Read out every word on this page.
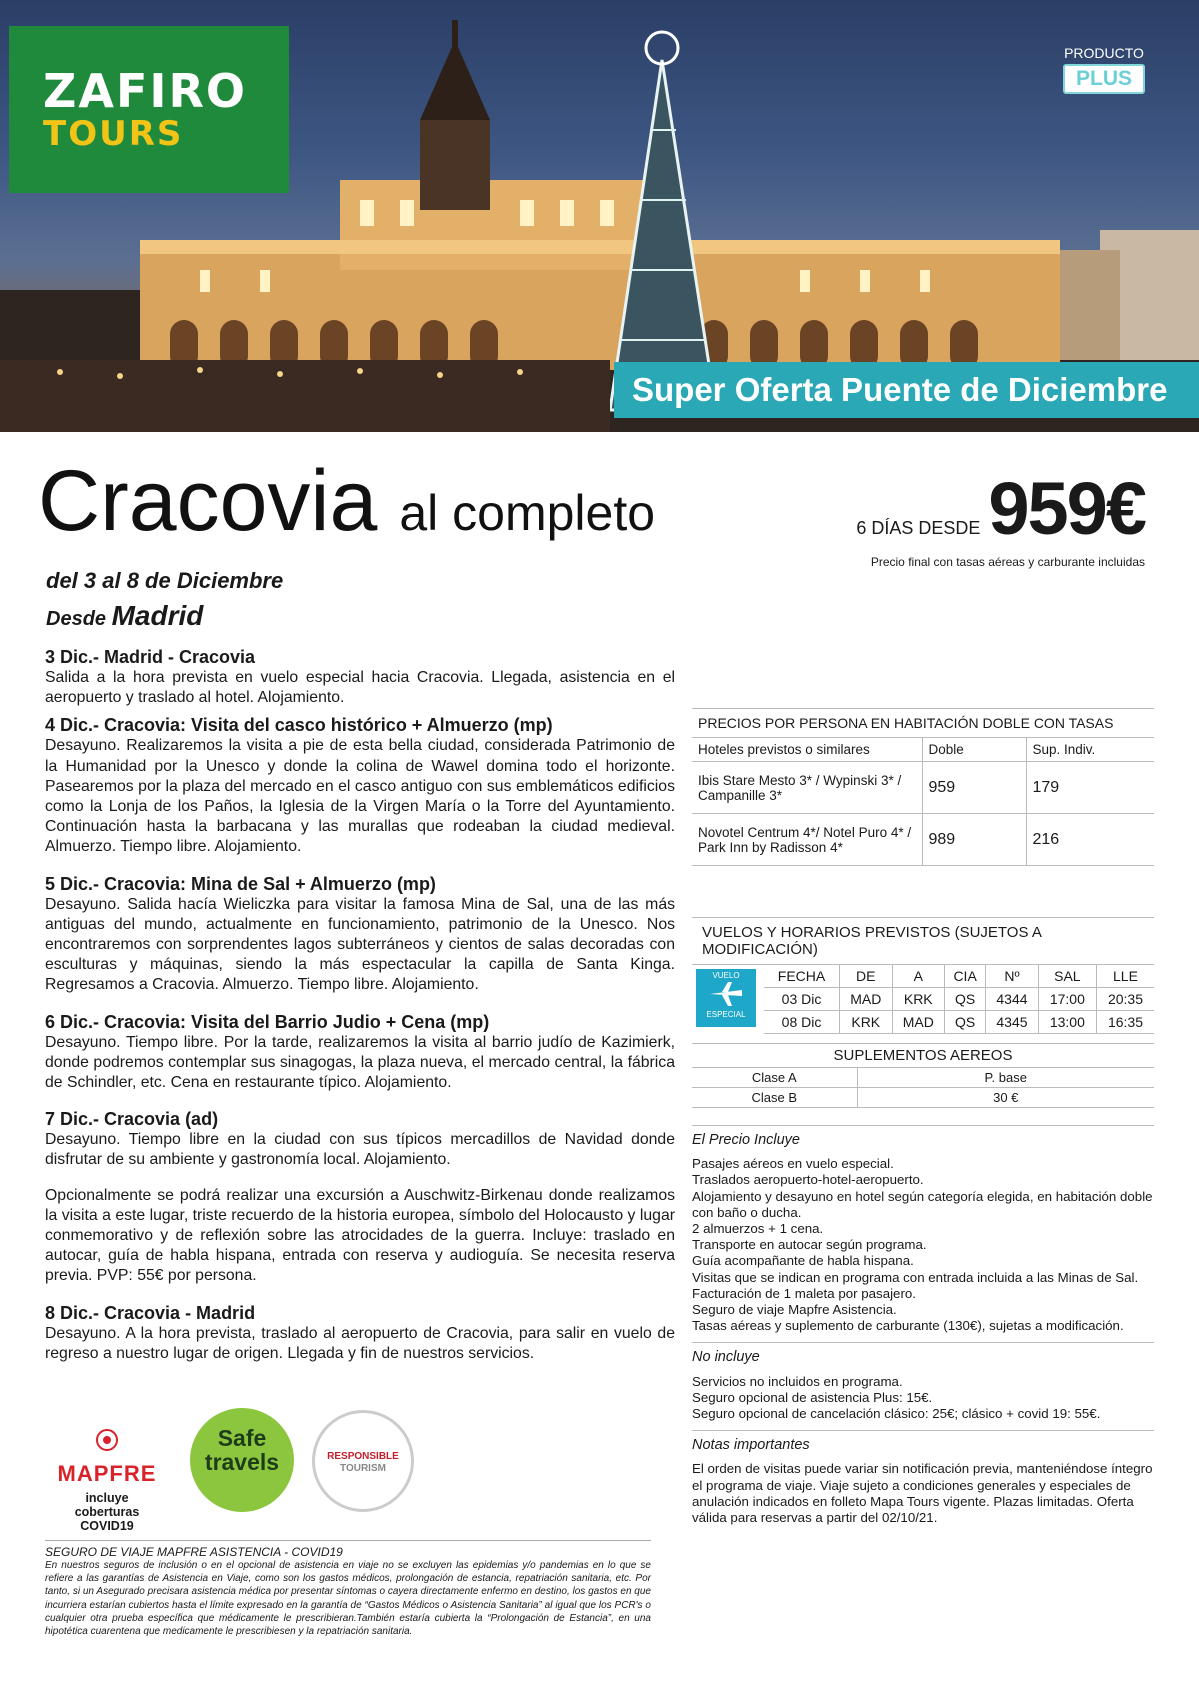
ZAFIRO
TOURS
PRODUCTO
PLUS
Super Oferta Puente de Diciembre
Cracovia al completo	6 DÍAS DESDE 959€
Precio final con tasas aéreas y carburante incluidas
del 3 al 8 de Diciembre
Desde Madrid
3 Dic.- Madrid - Cracovia

Salida a la hora prevista en vuelo especial hacia Cracovia. Llegada, asistencia en el aeropuerto y traslado al hotel. Alojamiento.

4 Dic.- Cracovia: Visita del casco histórico + Almuerzo (mp)

Desayuno. Realizaremos la visita a pie de esta bella ciudad, considerada Patrimonio de la Humanidad por la Unesco y donde la colina de Wawel domina todo el horizonte. Pasearemos por la plaza del mercado en el casco antiguo con sus emblemáticos edificios como la Lonja de los Paños, la Iglesia de la Virgen María o la Torre del Ayuntamiento. Continuación hasta la barbacana y las murallas que rodeaban la ciudad medieval. Almuerzo. Tiempo libre. Alojamiento.

5 Dic.- Cracovia: Mina de Sal + Almuerzo (mp)

Desayuno. Salida hacía Wieliczka para visitar la famosa Mina de Sal, una de las más antiguas del mundo, actualmente en funcionamiento, patrimonio de la Unesco. Nos encontraremos con sorprendentes lagos subterráneos y cientos de salas decoradas con esculturas y máquinas, siendo la más espectacular la capilla de Santa Kinga. Regresamos a Cracovia. Almuerzo. Tiempo libre. Alojamiento.

6 Dic.- Cracovia: Visita del Barrio Judio + Cena (mp)

Desayuno. Tiempo libre. Por la tarde, realizaremos la visita al barrio judío de Kazimierk, donde podremos contemplar sus sinagogas, la plaza nueva, el mercado central, la fábrica de Schindler, etc. Cena en restaurante típico. Alojamiento.

7 Dic.- Cracovia (ad)

Desayuno. Tiempo libre en la ciudad con sus típicos mercadillos de Navidad donde disfrutar de su ambiente y gastronomía local. Alojamiento.

Opcionalmente se podrá realizar una excursión a Auschwitz-Birkenau donde realizamos la visita a este lugar, triste recuerdo de la historia europea, símbolo del Holocausto y lugar conmemorativo y de reflexión sobre las atrocidades de la guerra. Incluye: traslado en autocar, guía de habla hispana, entrada con reserva y audioguía. Se necesita reserva previa. PVP: 55€ por persona.

8 Dic.- Cracovia - Madrid

Desayuno. A la hora prevista, traslado al aeropuerto de Cracovia, para salir en vuelo de regreso a nuestro lugar de origen. Llegada y fin de nuestros servicios.

MAPFRE
incluye coberturas COVID19
Safe
travels	RESPONSIBLE
TOURISM
SEGURO DE VIAJE MAPFRE ASISTENCIA - COVID19
En nuestros seguros de inclusión o en el opcional de asistencia en viaje no se excluyen las epidemias y/o pandemias en lo que se refiere a las garantías de Asistencia en Viaje, como son los gastos médicos, prolongación de estancia, repatriación sanitaria, etc. Por tanto, si un Asegurado precisara asistencia médica por presentar síntomas o cayera directamente enfermo en destino, los gastos en que incurriera estarían cubiertos hasta el límite expresado en la garantía de “Gastos Médicos o Asistencia Sanitaria” al igual que los PCR's o cualquier otra prueba específica que médicamente le prescribieran.También estaría cubierta la “Prolongación de Estancia”, en una hipotética cuarentena que medicamente le prescribiesen y la repatriación sanitaria.
PRECIOS POR PERSONA EN HABITACIÓN DOBLE CON TASAS
Hoteles previstos o similares	Doble	Sup. Indiv.
Ibis Stare Mesto 3* / Wypinski 3* / Campanille 3*	959	179
Novotel Centrum 4*/ Notel Puro 4* / Park Inn by Radisson 4*	989	216
VUELOS Y HORARIOS PREVISTOS (SUJETOS A MODIFICACIÓN)
VUELO
ESPECIAL
FECHA	DE	A	CIA	Nº	SAL	LLE
03 Dic	MAD	KRK	QS	4344	17:00	20:35
08 Dic	KRK	MAD	QS	4345	13:00	16:35
SUPLEMENTOS AEREOS
Clase A	P. base
Clase B	30 €
El Precio Incluye
Pasajes aéreos en vuelo especial.
Traslados aeropuerto-hotel-aeropuerto.
Alojamiento y desayuno en hotel según categoría elegida, en habitación doble con baño o ducha.
2 almuerzos + 1 cena.
Transporte en autocar según programa.
Guía acompañante de habla hispana.
Visitas que se indican en programa con entrada incluida a las Minas de Sal.
Facturación de 1 maleta por pasajero.
Seguro de viaje Mapfre Asistencia.
Tasas aéreas y suplemento de carburante (130€), sujetas a modificación.
No incluye
Servicios no incluidos en programa.
Seguro opcional de asistencia Plus: 15€.
Seguro opcional de cancelación clásico: 25€; clásico + covid 19: 55€.
Notas importantes
El orden de visitas puede variar sin notificación previa, manteniéndose íntegro el programa de viaje. Viaje sujeto a condiciones generales y especiales de anulación indicados en folleto Mapa Tours vigente. Plazas limitadas. Oferta válida para reservas a partir del 02/10/21.
